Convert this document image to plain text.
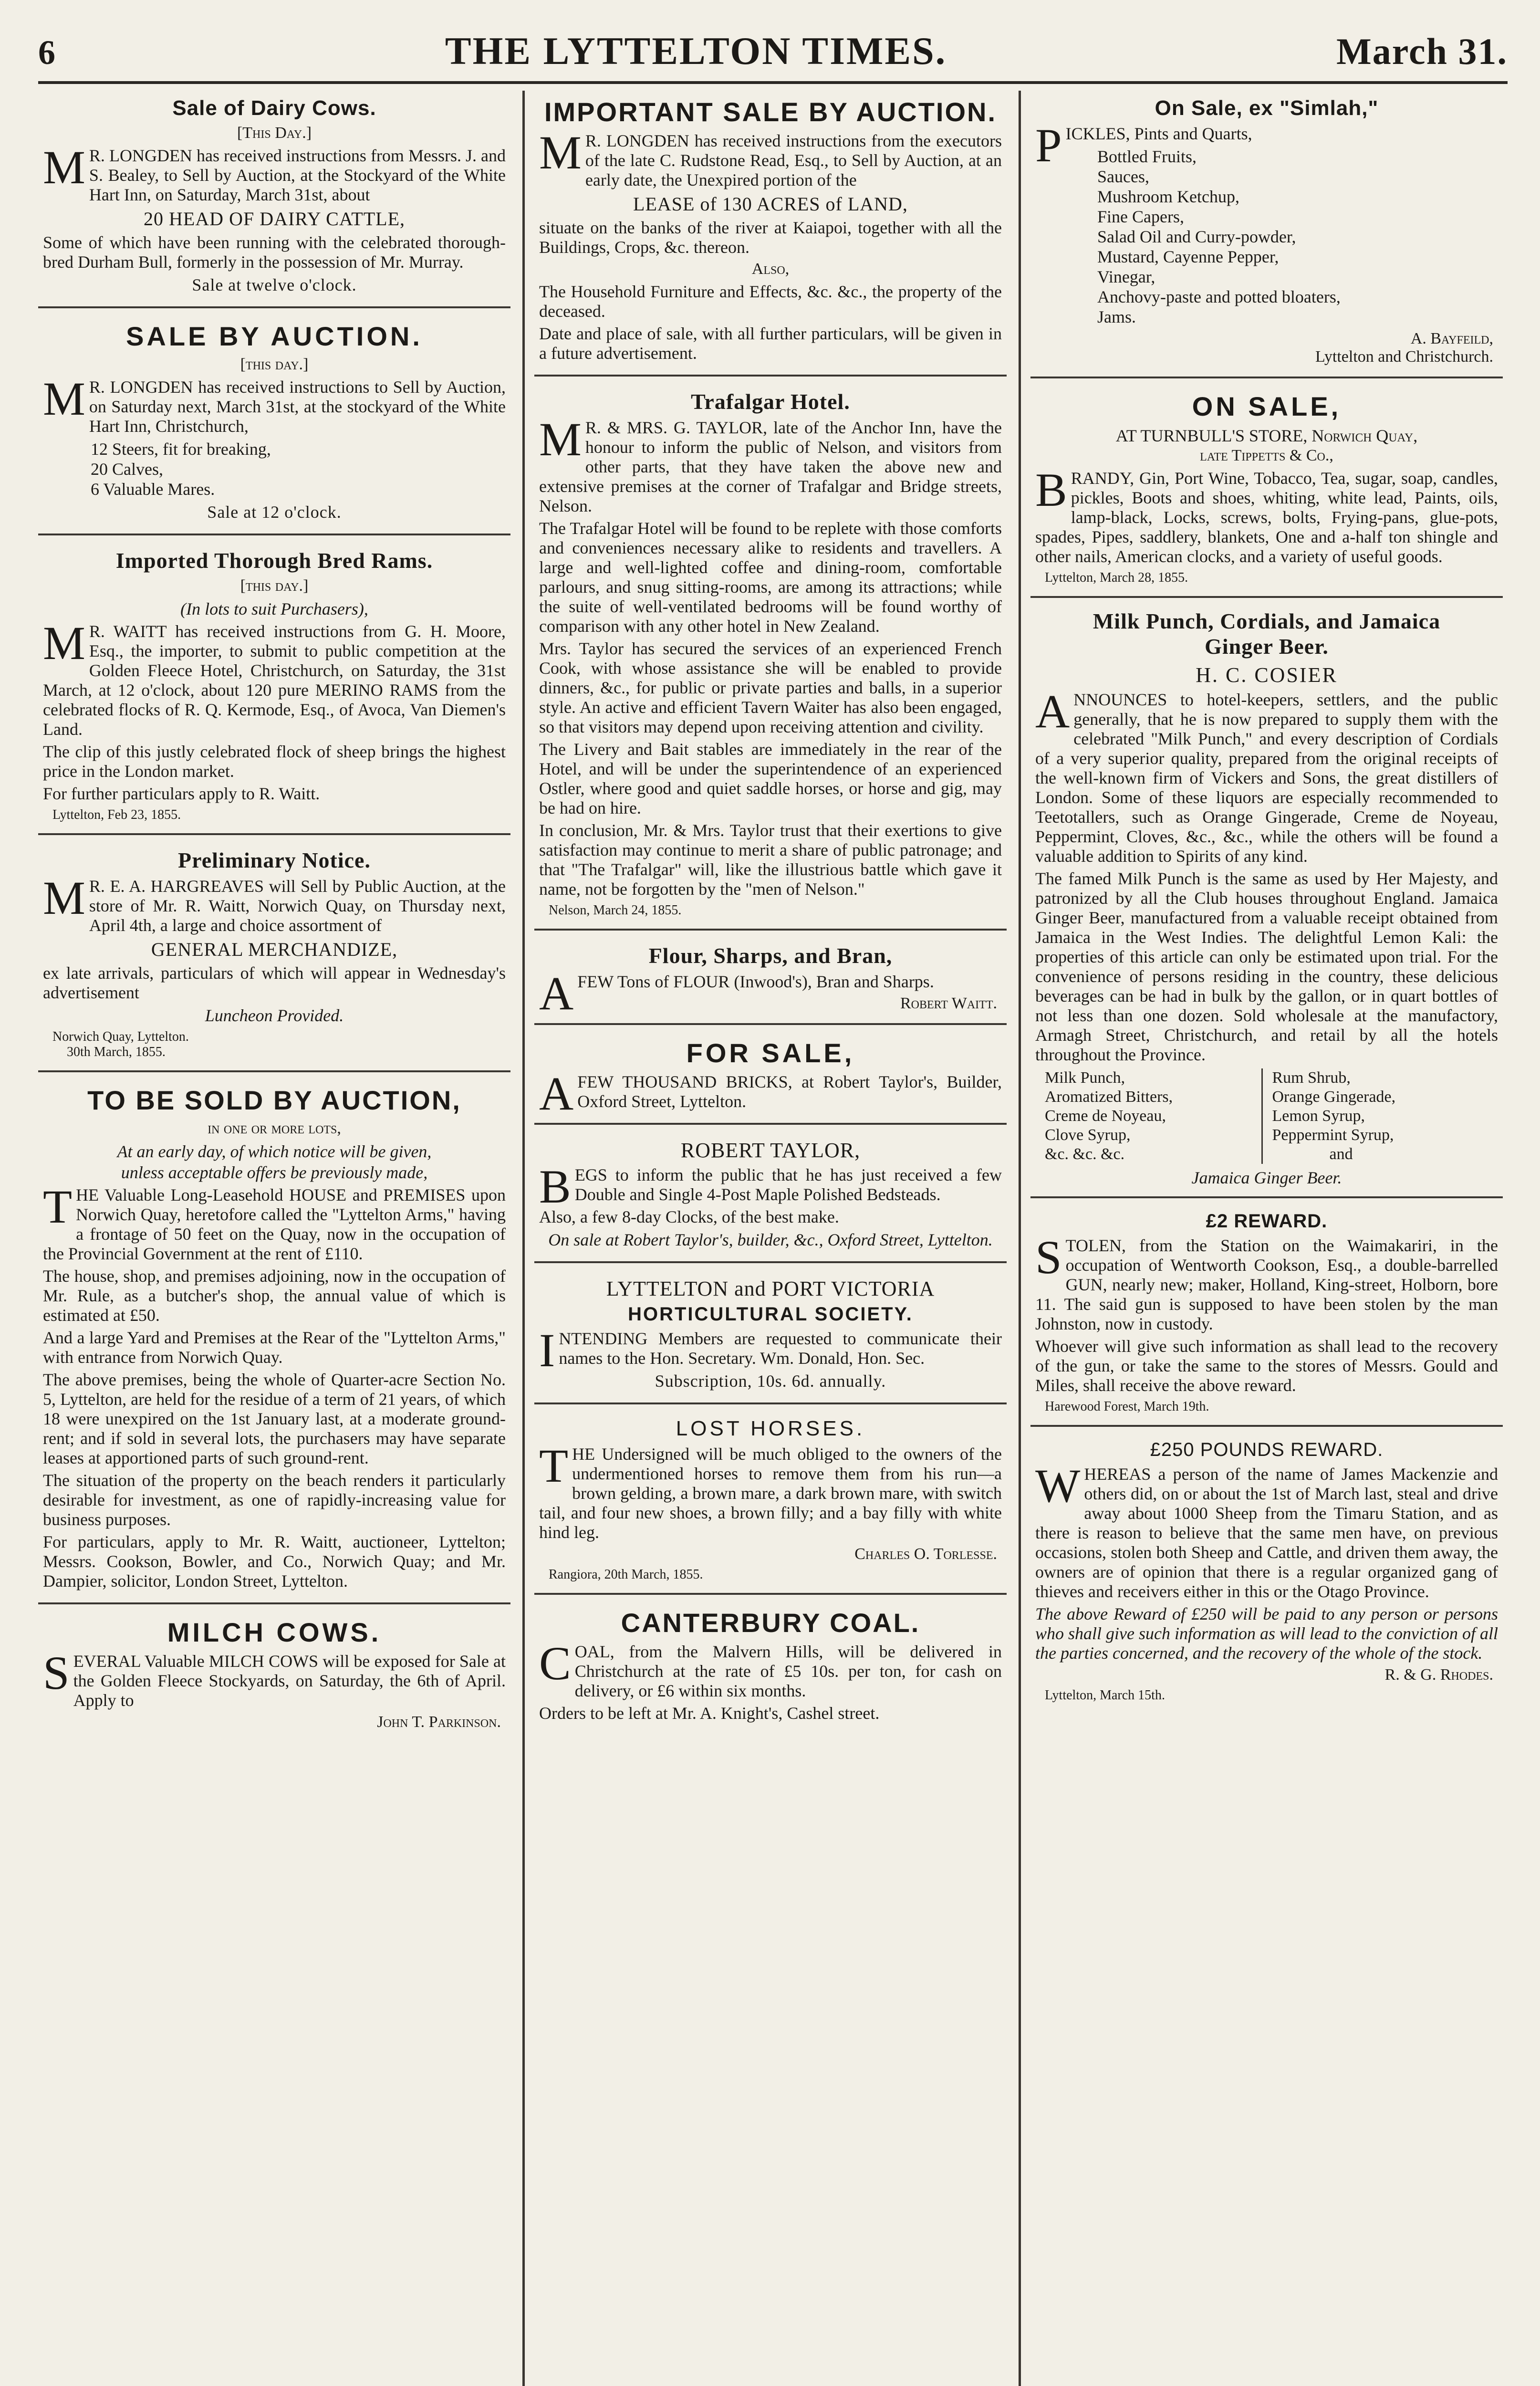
6	THE LYTTELTON TIMES.	March 31.
Sale of Dairy Cows.
[This Day.]
MR. LONGDEN has received instructions from Messrs. J. and S. Bealey, to Sell by Auction, at the Stockyard of the White Hart Inn, on Saturday, March 31st, about
20 HEAD OF DAIRY CATTLE,
Some of which have been running with the celebrated thorough-bred Durham Bull, formerly in the possession of Mr. Murray.
Sale at twelve o'clock.
SALE BY AUCTION.
[this day.]
MR. LONGDEN has received instructions to Sell by Auction, on Saturday next, March 31st, at the stockyard of the White Hart Inn, Christchurch,
12 Steers, fit for breaking,
20 Calves,
6 Valuable Mares.
Sale at 12 o'clock.
Imported Thorough Bred Rams.
[this day.]
(In lots to suit Purchasers),
MR. WAITT has received instructions from G. H. Moore, Esq., the importer, to submit to public competition at the Golden Fleece Hotel, Christchurch, on Saturday, the 31st March, at 12 o'clock, about 120 pure MERINO RAMS from the celebrated flocks of R. Q. Kermode, Esq., of Avoca, Van Diemen's Land.
The clip of this justly celebrated flock of sheep brings the highest price in the London market.
For further particulars apply to R. Waitt.
Lyttelton, Feb 23, 1855.
Preliminary Notice.
MR. E. A. HARGREAVES will Sell by Public Auction, at the store of Mr. R. Waitt, Norwich Quay, on Thursday next, April 4th, a large and choice assortment of
GENERAL MERCHANDIZE,
ex late arrivals, particulars of which will appear in Wednesday's advertisement
Luncheon Provided.
Norwich Quay, Lyttelton.
30th March, 1855.
TO BE SOLD BY AUCTION,
in one or more lots,
At an early day, of which notice will be given,
unless acceptable offers be previously made,
THE Valuable Long-Leasehold HOUSE and PREMISES upon Norwich Quay, heretofore called the "Lyttelton Arms," having a frontage of 50 feet on the Quay, now in the occupation of the Provincial Government at the rent of £110.
The house, shop, and premises adjoining, now in the occupation of Mr. Rule, as a butcher's shop, the annual value of which is estimated at £50.
And a large Yard and Premises at the Rear of the "Lyttelton Arms," with entrance from Norwich Quay.
The above premises, being the whole of Quarter-acre Section No. 5, Lyttelton, are held for the residue of a term of 21 years, of which 18 were unexpired on the 1st January last, at a moderate ground-rent; and if sold in several lots, the purchasers may have separate leases at apportioned parts of such ground-rent.
The situation of the property on the beach renders it particularly desirable for investment, as one of rapidly-increasing value for business purposes.
For particulars, apply to Mr. R. Waitt, auctioneer, Lyttelton; Messrs. Cookson, Bowler, and Co., Norwich Quay; and Mr. Dampier, solicitor, London Street, Lyttelton.
MILCH COWS.
SEVERAL Valuable MILCH COWS will be exposed for Sale at the Golden Fleece Stockyards, on Saturday, the 6th of April. Apply to
John T. Parkinson.
IMPORTANT SALE BY AUCTION.
MR. LONGDEN has received instructions from the executors of the late C. Rudstone Read, Esq., to Sell by Auction, at an early date, the Unexpired portion of the
LEASE of 130 ACRES of LAND,
situate on the banks of the river at Kaiapoi, together with all the Buildings, Crops, &c. thereon.
Also,
The Household Furniture and Effects, &c. &c., the property of the deceased.
Date and place of sale, with all further particulars, will be given in a future advertisement.
Trafalgar Hotel.
MR. & MRS. G. TAYLOR, late of the Anchor Inn, have the honour to inform the public of Nelson, and visitors from other parts, that they have taken the above new and extensive premises at the corner of Trafalgar and Bridge streets, Nelson.
The Trafalgar Hotel will be found to be replete with those comforts and conveniences necessary alike to residents and travellers. A large and well-lighted coffee and dining-room, comfortable parlours, and snug sitting-rooms, are among its attractions; while the suite of well-ventilated bedrooms will be found worthy of comparison with any other hotel in New Zealand.
Mrs. Taylor has secured the services of an experienced French Cook, with whose assistance she will be enabled to provide dinners, &c., for public or private parties and balls, in a superior style. An active and efficient Tavern Waiter has also been engaged, so that visitors may depend upon receiving attention and civility.
The Livery and Bait stables are immediately in the rear of the Hotel, and will be under the superintendence of an experienced Ostler, where good and quiet saddle horses, or horse and gig, may be had on hire.
In conclusion, Mr. & Mrs. Taylor trust that their exertions to give satisfaction may continue to merit a share of public patronage; and that "The Trafalgar" will, like the illustrious battle which gave it name, not be forgotten by the "men of Nelson."
Nelson, March 24, 1855.
Flour, Sharps, and Bran,
AFEW Tons of FLOUR (Inwood's), Bran and Sharps.
Robert Waitt.
FOR SALE,
AFEW THOUSAND BRICKS, at Robert Taylor's, Builder, Oxford Street, Lyttelton.
ROBERT TAYLOR,
BEGS to inform the public that he has just received a few Double and Single 4-Post Maple Polished Bedsteads.
Also, a few 8-day Clocks, of the best make.
On sale at Robert Taylor's, builder, &c., Oxford Street, Lyttelton.
LYTTELTON and PORT VICTORIA
HORTICULTURAL SOCIETY.
INTENDING Members are requested to communicate their names to the Hon. Secretary. Wm. Donald, Hon. Sec.
Subscription, 10s. 6d. annually.
LOST HORSES.
THE Undersigned will be much obliged to the owners of the undermentioned horses to remove them from his run—a brown gelding, a brown mare, a dark brown mare, with switch tail, and four new shoes, a brown filly; and a bay filly with white hind leg.
Charles O. Torlesse.
Rangiora, 20th March, 1855.
CANTERBURY COAL.
COAL, from the Malvern Hills, will be delivered in Christchurch at the rate of £5 10s. per ton, for cash on delivery, or £6 within six months.
Orders to be left at Mr. A. Knight's, Cashel street.
On Sale, ex "Simlah,"
PICKLES, Pints and Quarts,
Bottled Fruits,
Sauces,
Mushroom Ketchup,
Fine Capers,
Salad Oil and Curry-powder,
Mustard, Cayenne Pepper,
Vinegar,
Anchovy-paste and potted bloaters,
Jams.
A. Bayfeild,
Lyttelton and Christchurch.
ON SALE,
AT TURNBULL'S STORE, Norwich Quay,
late Tippetts & Co.,
BRANDY, Gin, Port Wine, Tobacco, Tea, sugar, soap, candles, pickles, Boots and shoes, whiting, white lead, Paints, oils, lamp-black, Locks, screws, bolts, Frying-pans, glue-pots, spades, Pipes, saddlery, blankets, One and a-half ton shingle and other nails, American clocks, and a variety of useful goods.
Lyttelton, March 28, 1855.
Milk Punch, Cordials, and Jamaica
Ginger Beer.
H. C. COSIER
ANNOUNCES to hotel-keepers, settlers, and the public generally, that he is now prepared to supply them with the celebrated "Milk Punch," and every description of Cordials of a very superior quality, prepared from the original receipts of the well-known firm of Vickers and Sons, the great distillers of London. Some of these liquors are especially recommended to Teetotallers, such as Orange Gingerade, Creme de Noyeau, Peppermint, Cloves, &c., &c., while the others will be found a valuable addition to Spirits of any kind.
The famed Milk Punch is the same as used by Her Majesty, and patronized by all the Club houses throughout England. Jamaica Ginger Beer, manufactured from a valuable receipt obtained from Jamaica in the West Indies. The delightful Lemon Kali: the properties of this article can only be estimated upon trial. For the convenience of persons residing in the country, these delicious beverages can be had in bulk by the gallon, or in quart bottles of not less than one dozen. Sold wholesale at the manufactory, Armagh Street, Christchurch, and retail by all the hotels throughout the Province.
Milk Punch,
Aromatized Bitters,
Creme de Noyeau,
Clove Syrup,
&c. &c. &c.
Rum Shrub,
Orange Gingerade,
Lemon Syrup,
Peppermint Syrup,
and
Jamaica Ginger Beer.
£2 REWARD.
STOLEN, from the Station on the Waimakariri, in the occupation of Wentworth Cookson, Esq., a double-barrelled GUN, nearly new; maker, Holland, King-street, Holborn, bore 11. The said gun is supposed to have been stolen by the man Johnston, now in custody.
Whoever will give such information as shall lead to the recovery of the gun, or take the same to the stores of Messrs. Gould and Miles, shall receive the above reward.
Harewood Forest, March 19th.
£250 POUNDS REWARD.
WHEREAS a person of the name of James Mackenzie and others did, on or about the 1st of March last, steal and drive away about 1000 Sheep from the Timaru Station, and as there is reason to believe that the same men have, on previous occasions, stolen both Sheep and Cattle, and driven them away, the owners are of opinion that there is a regular organized gang of thieves and receivers either in this or the Otago Province.
The above Reward of £250 will be paid to any person or persons who shall give such information as will lead to the conviction of all the parties concerned, and the recovery of the whole of the stock.
R. & G. Rhodes.
Lyttelton, March 15th.
